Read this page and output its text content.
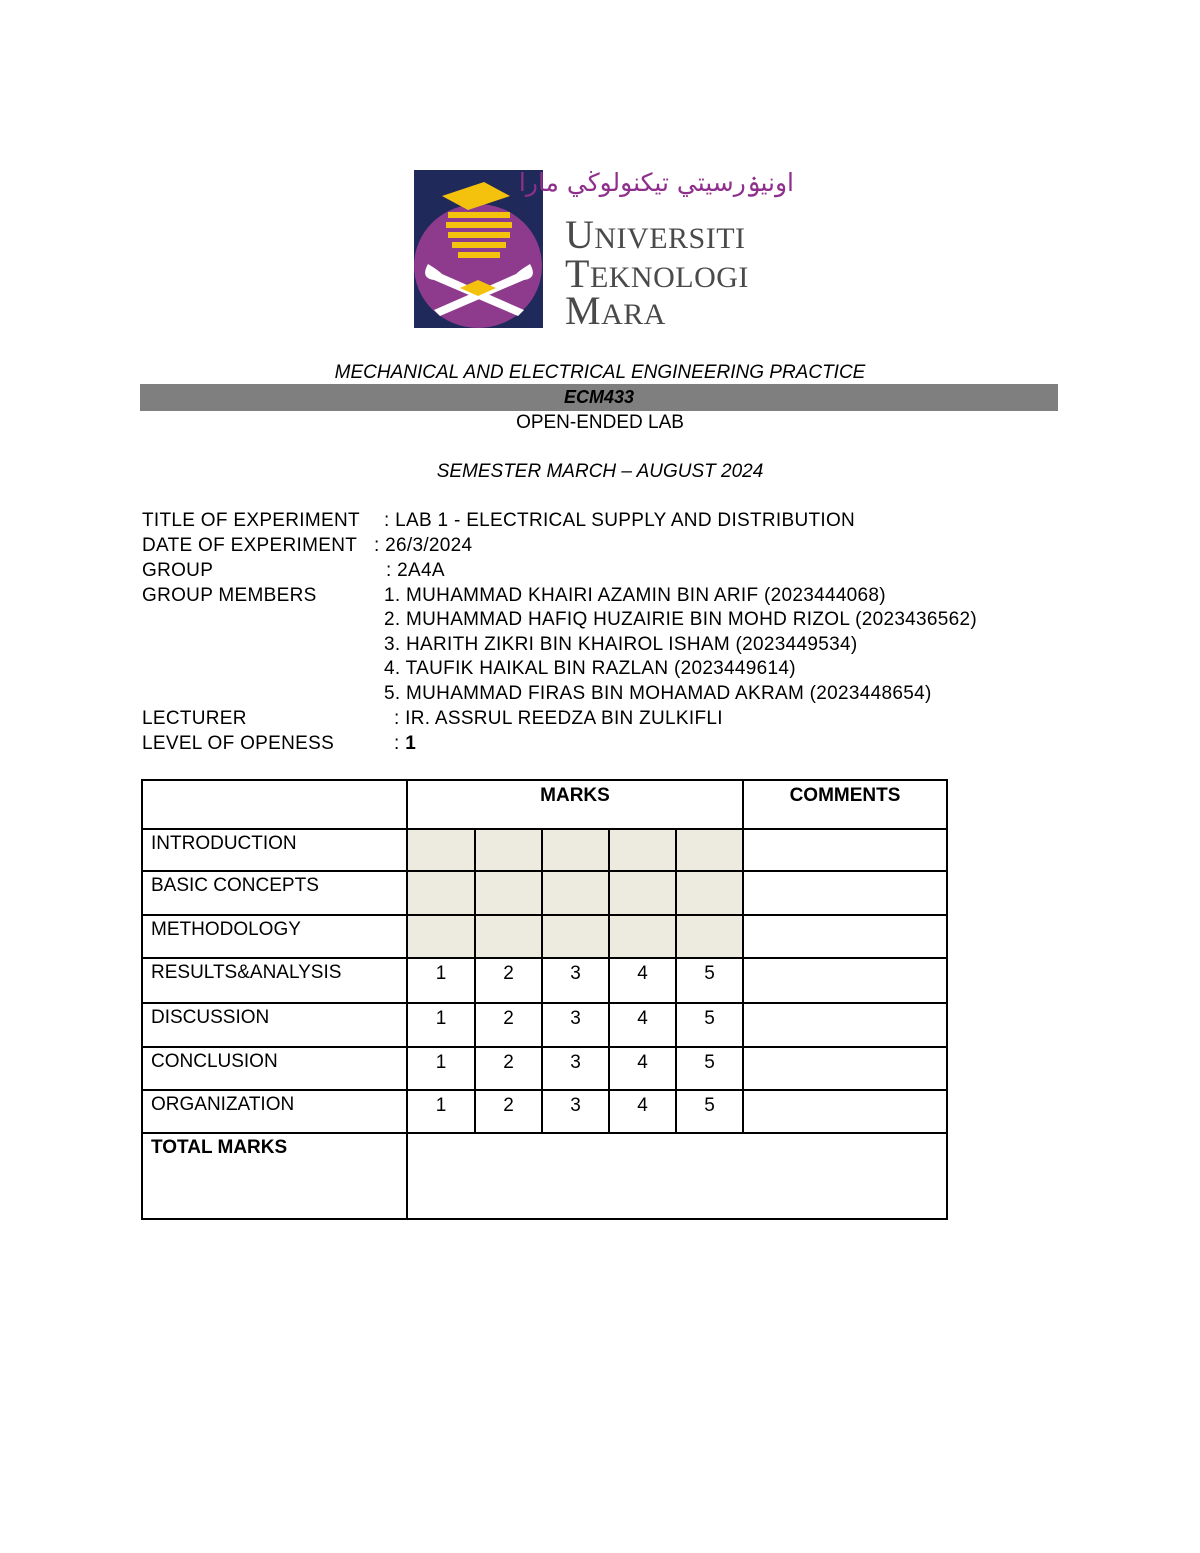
اونيۏرسيتي تيكنولوڬي مارا
UNIVERSITI
TEKNOLOGI
MARA
MECHANICAL AND ELECTRICAL ENGINEERING PRACTICE
ECM433
OPEN-ENDED LAB
SEMESTER MARCH – AUGUST 2024
TITLE OF EXPERIMENT : LAB 1 - ELECTRICAL SUPPLY AND DISTRIBUTION
DATE OF EXPERIMENT : 26/3/2024
GROUP	: 2A4A
GROUP MEMBERS	1. MUHAMMAD KHAIRI AZAMIN BIN ARIF (2023444068)
2. MUHAMMAD HAFIQ HUZAIRIE BIN MOHD RIZOL (2023436562)
3. HARITH ZIKRI BIN KHAIROL ISHAM (2023449534)
4. TAUFIK HAIKAL BIN RAZLAN (2023449614)
5. MUHAMMAD FIRAS BIN MOHAMAD AKRAM (2023448654)
LECTURER	: IR. ASSRUL REEDZA BIN ZULKIFLI
LEVEL OF OPENESS	: 1
	MARKS					COMMENTS
INTRODUCTION						
BASIC CONCEPTS						
METHODOLOGY						
RESULTS&ANALYSIS	1	2	3	4	5	
DISCUSSION	1	2	3	4	5	
CONCLUSION	1	2	3	4	5	
ORGANIZATION	1	2	3	4	5	
TOTAL MARKS						
